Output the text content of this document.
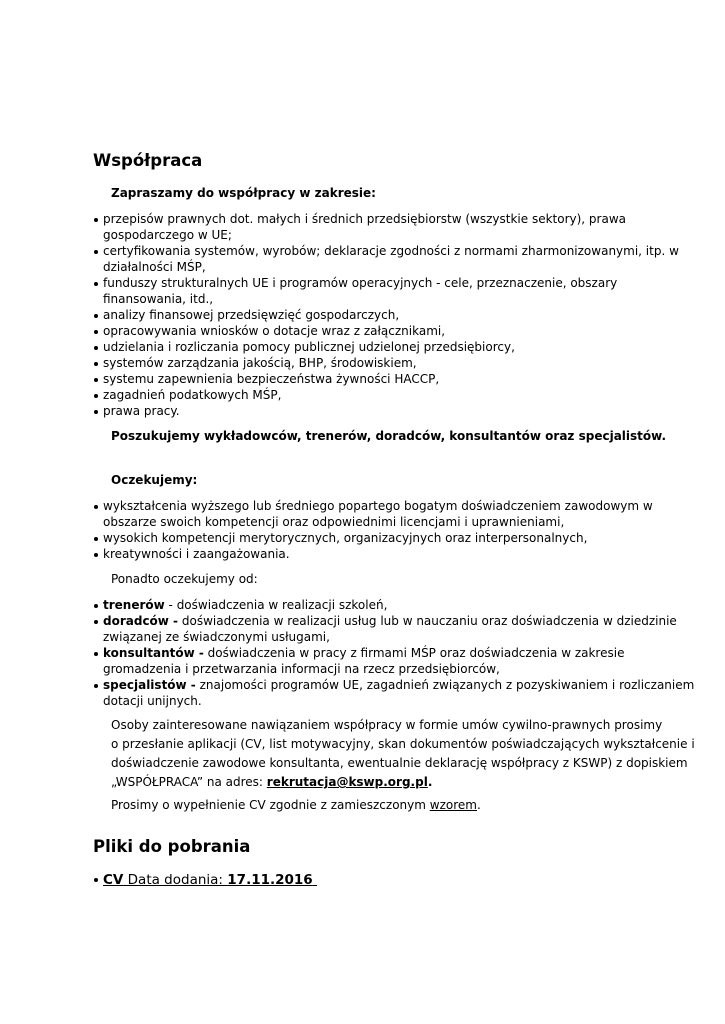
Współpraca
Zapraszamy do współpracy w zakresie:
przepisów prawnych dot. małych i średnich przedsiębiorstw (wszystkie sektory), prawa
gospodarczego w UE;
certyfikowania systemów, wyrobów; deklaracje zgodności z normami zharmonizowanymi, itp. w
działalności MŚP,
funduszy strukturalnych UE i programów operacyjnych - cele, przeznaczenie, obszary
finansowania, itd.,
analizy finansowej przedsięwzięć gospodarczych,
opracowywania wniosków o dotacje wraz z załącznikami,
udzielania i rozliczania pomocy publicznej udzielonej przedsiębiorcy,
systemów zarządzania jakością, BHP, środowiskiem,
systemu zapewnienia bezpieczeństwa żywności HACCP,
zagadnień podatkowych MŚP,
prawa pracy.
Poszukujemy wykładowców, trenerów, doradców, konsultantów oraz specjalistów.
Oczekujemy:
wykształcenia wyższego lub średniego popartego bogatym doświadczeniem zawodowym w
obszarze swoich kompetencji oraz odpowiednimi licencjami i uprawnieniami,
wysokich kompetencji merytorycznych, organizacyjnych oraz interpersonalnych,
kreatywności i zaangażowania.
Ponadto oczekujemy od:
trenerów - doświadczenia w realizacji szkoleń,
doradców - doświadczenia w realizacji usług lub w nauczaniu oraz doświadczenia w dziedzinie
związanej ze świadczonymi usługami,
konsultantów - doświadczenia w pracy z firmami MŚP oraz doświadczenia w zakresie
gromadzenia i przetwarzania informacji na rzecz przedsiębiorców,
specjalistów - znajomości programów UE, zagadnień związanych z pozyskiwaniem i rozliczaniem
dotacji unijnych.
Osoby zainteresowane nawiązaniem współpracy w formie umów cywilno-prawnych prosimy
o przesłanie aplikacji (CV, list motywacyjny, skan dokumentów poświadczających wykształcenie i
doświadczenie zawodowe konsultanta, ewentualnie deklarację współpracy z KSWP) z dopiskiem
„WSPÓŁPRACA” na adres: rekrutacja@kswp.org.pl.
Prosimy o wypełnienie CV zgodnie z zamieszczonym wzorem.
Pliki do pobrania
CV Data dodania: 17.11.2016
